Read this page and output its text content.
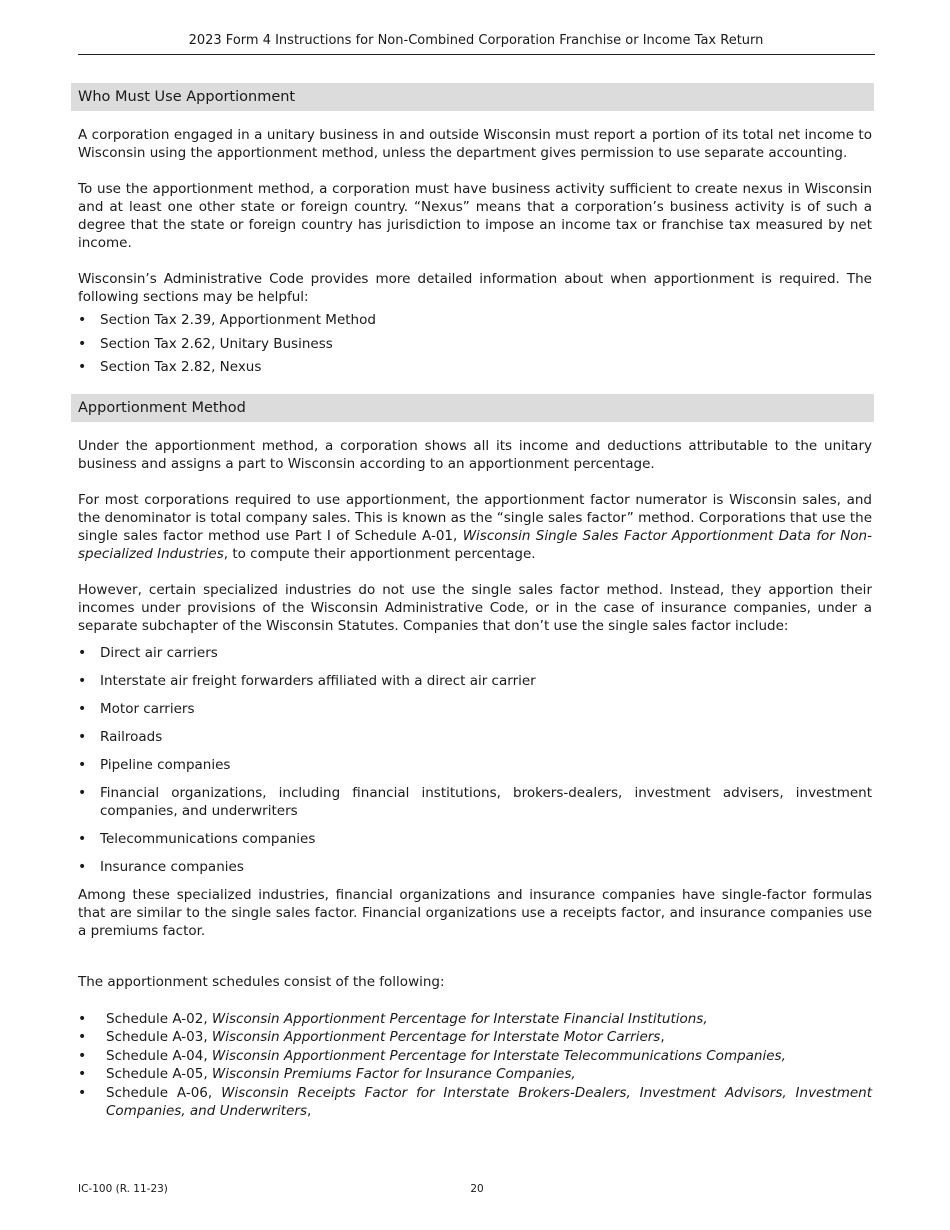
2023 Form 4 Instructions for Non-Combined Corporation Franchise or Income Tax Return
Who Must Use Apportionment

A corporation engaged in a unitary business in and outside Wisconsin must report a portion of its total net income to Wisconsin using the apportionment method, unless the department gives permission to use separate accounting.

To use the apportionment method, a corporation must have business activity sufficient to create nexus in Wisconsin and at least one other state or foreign country. “Nexus” means that a corporation’s business activity is of such a degree that the state or foreign country has jurisdiction to impose an income tax or franchise tax measured by net income.

Wisconsin’s Administrative Code provides more detailed information about when apportionment is required. The following sections may be helpful:

• Section Tax 2.39, Apportionment Method
• Section Tax 2.62, Unitary Business
• Section Tax 2.82, Nexus
Apportionment Method

Under the apportionment method, a corporation shows all its income and deductions attributable to the unitary business and assigns a part to Wisconsin according to an apportionment percentage.

For most corporations required to use apportionment, the apportionment factor numerator is Wisconsin sales, and the denominator is total company sales. This is known as the “single sales factor” method. Corporations that use the single sales factor method use Part I of Schedule A-01, Wisconsin Single Sales Factor Apportionment Data for Non-specialized Industries, to compute their apportionment percentage.

However, certain specialized industries do not use the single sales factor method. Instead, they apportion their incomes under provisions of the Wisconsin Administrative Code, or in the case of insurance companies, under a separate subchapter of the Wisconsin Statutes. Companies that don’t use the single sales factor include:

• Direct air carriers
• Interstate air freight forwarders affiliated with a direct air carrier
• Motor carriers
• Railroads
• Pipeline companies
• Financial organizations, including financial institutions, brokers-dealers, investment advisers, investment companies, and underwriters
• Telecommunications companies
• Insurance companies

Among these specialized industries, financial organizations and insurance companies have single-factor formulas that are similar to the single sales factor. Financial organizations use a receipts factor, and insurance companies use a premiums factor.

The apportionment schedules consist of the following:

• Schedule A-02, Wisconsin Apportionment Percentage for Interstate Financial Institutions,
• Schedule A-03, Wisconsin Apportionment Percentage for Interstate Motor Carriers,
• Schedule A-04, Wisconsin Apportionment Percentage for Interstate Telecommunications Companies,
• Schedule A-05, Wisconsin Premiums Factor for Insurance Companies,
• Schedule A-06, Wisconsin Receipts Factor for Interstate Brokers-Dealers, Investment Advisors, Investment Companies, and Underwriters,
IC-100 (R. 11-23)	20
